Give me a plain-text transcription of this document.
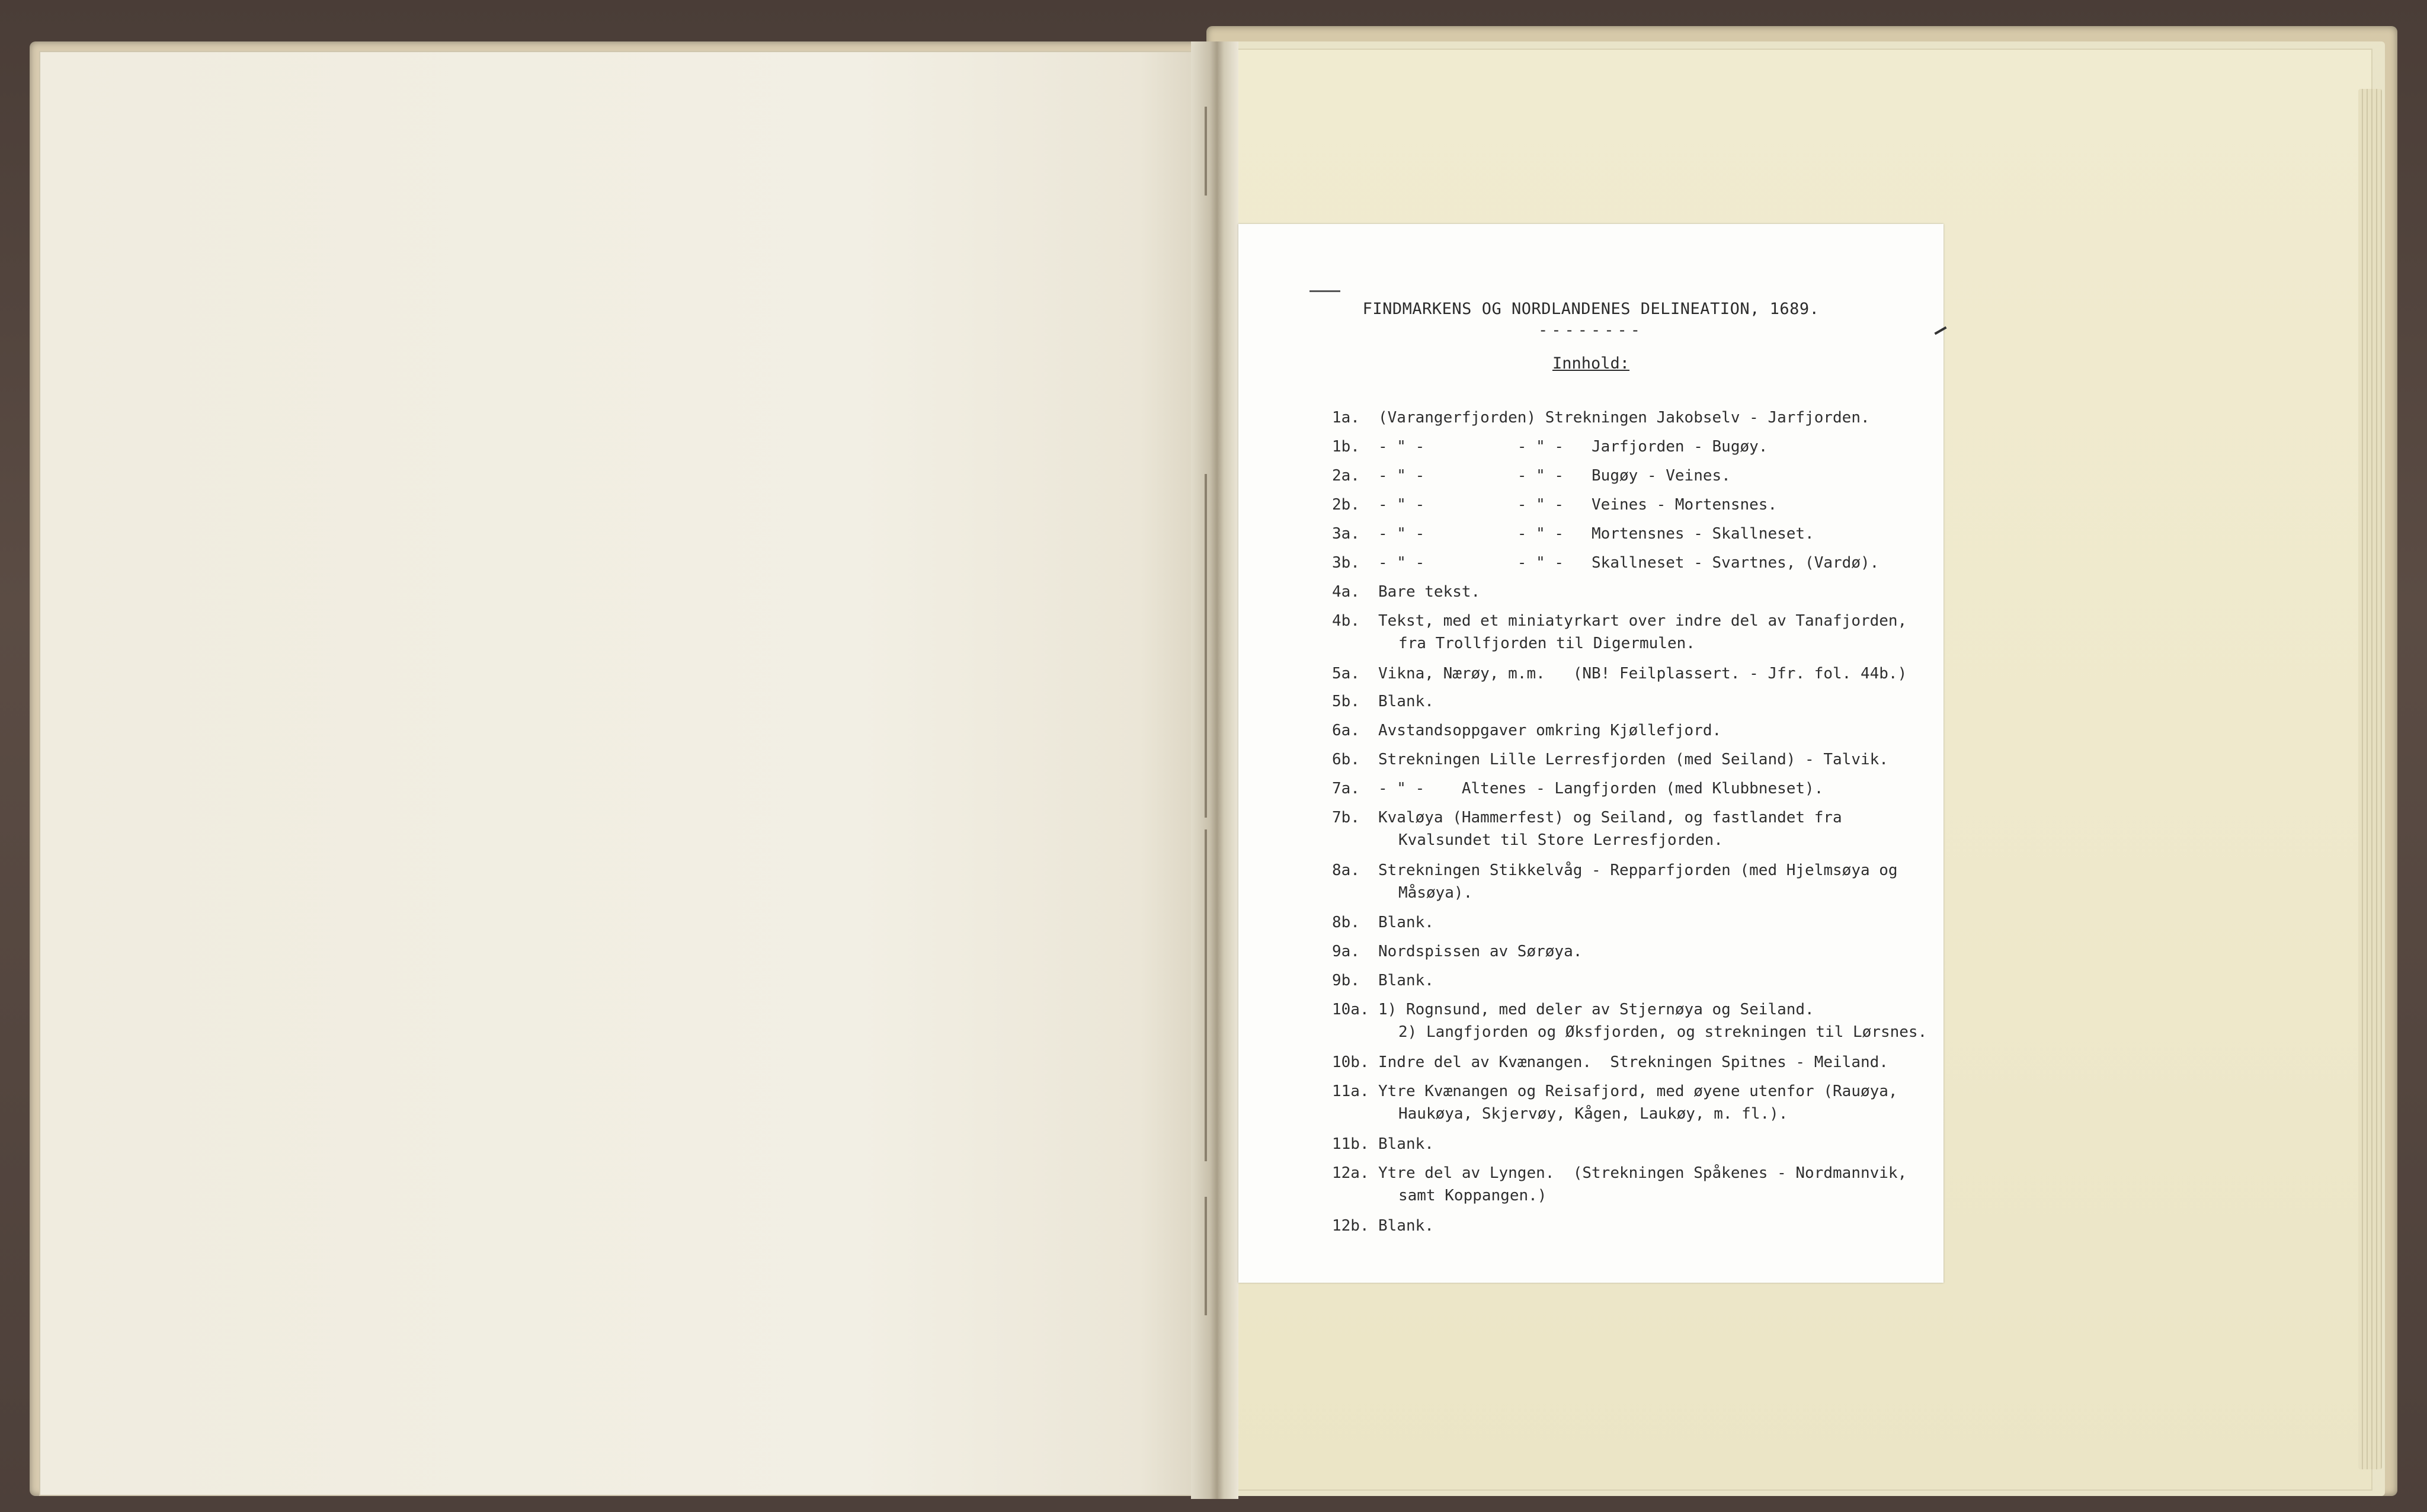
FINDMARKENS OG NORDLANDENES DELINEATION, 1689.
--------
Innhold:
1a. (Varangerfjorden) Strekningen Jakobselv - Jarfjorden.
1b. - " -          - " -   Jarfjorden - Bugøy.
2a. - " -          - " -   Bugøy - Veines.
2b. - " -          - " -   Veines - Mortensnes.
3a. - " -          - " -   Mortensnes - Skallneset.
3b. - " -          - " -   Skallneset - Svartnes, (Vardø).
4a. Bare tekst.
4b. Tekst, med et miniatyrkart over indre del av Tanafjorden,
fra Trollfjorden til Digermulen.
5a. Vikna, Nærøy, m.m.   (NB! Feilplassert. - Jfr. fol. 44b.)
5b. Blank.
6a. Avstandsoppgaver omkring Kjøllefjord.
6b. Strekningen Lille Lerresfjorden (med Seiland) - Talvik.
7a. - " -    Altenes - Langfjorden (med Klubbneset).
7b. Kvaløya (Hammerfest) og Seiland, og fastlandet fra
Kvalsundet til Store Lerresfjorden.
8a. Strekningen Stikkelvåg - Repparfjorden (med Hjelmsøya og
Måsøya).
8b. Blank.
9a. Nordspissen av Sørøya.
9b. Blank.
10a. 1) Rognsund, med deler av Stjernøya og Seiland.
2) Langfjorden og Øksfjorden, og strekningen til Lørsnes.
10b. Indre del av Kvænangen.  Strekningen Spitnes - Meiland.
11a. Ytre Kvænangen og Reisafjord, med øyene utenfor (Rauøya,
Haukøya, Skjervøy, Kågen, Laukøy, m. fl.).
11b. Blank.
12a. Ytre del av Lyngen.  (Strekningen Spåkenes - Nordmannvik,
samt Koppangen.)
12b. Blank.
